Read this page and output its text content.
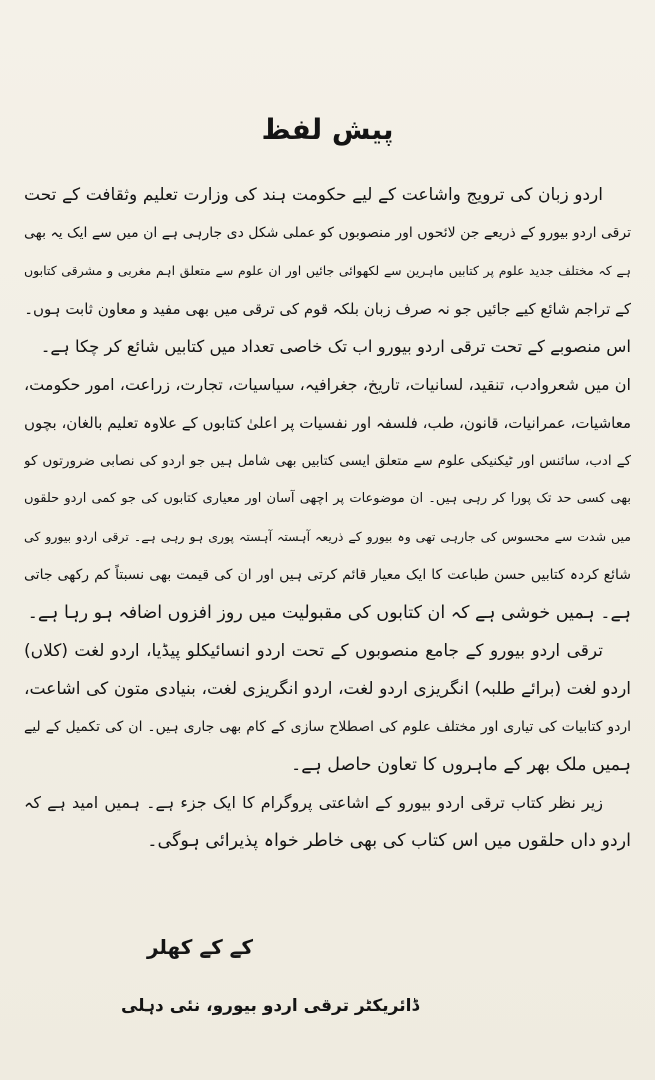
پیش لفظ
اردو زبان کی ترویج واشاعت کے لیے حکومت ہند کی وزارت تعلیم وثقافت کے تحت
ترقی اردو بیورو کے ذریعے جن لائحوں اور منصوبوں کو عملی شکل دی جارہی ہے ان میں سے ایک یہ بھی
ہے کہ مختلف جدید علوم پر کتابیں ماہرین سے لکھوائی جائیں اور ان علوم سے متعلق اہم مغربی و مشرقی کتابوں
کے تراجم شائع کیے جائیں جو نہ صرف زبان بلکہ قوم کی ترقی میں بھی مفید و معاون ثابت ہوں۔
اس منصوبے کے تحت ترقی اردو بیورو اب تک خاصی تعداد میں کتابیں شائع کر چکا ہے۔
ان میں شعروادب، تنقید، لسانیات، تاریخ، جغرافیہ، سیاسیات، تجارت، زراعت، امور حکومت،
معاشیات، عمرانیات، قانون، طب، فلسفہ اور نفسیات پر اعلیٰ کتابوں کے علاوہ تعلیم بالغان، بچوں
کے ادب، سائنس اور ٹیکنیکی علوم سے متعلق ایسی کتابیں بھی شامل ہیں جو اردو کی نصابی ضرورتوں کو
بھی کسی حد تک پورا کر رہی ہیں۔ ان موضوعات پر اچھی آسان اور معیاری کتابوں کی جو کمی اردو حلقوں
میں شدت سے محسوس کی جارہی تھی وہ بیورو کے ذریعہ آہستہ آہستہ پوری ہو رہی ہے۔ ترقی اردو بیورو کی
شائع کردہ کتابیں حسن طباعت کا ایک معیار قائم کرتی ہیں اور ان کی قیمت بھی نسبتاً کم رکھی جاتی
ہے۔ ہمیں خوشی ہے کہ ان کتابوں کی مقبولیت میں روز افزوں اضافہ ہو رہا ہے۔
ترقی اردو بیورو کے جامع منصوبوں کے تحت اردو انسائیکلو پیڈیا، اردو لغت (کلاں)
اردو لغت (برائے طلبہ) انگریزی اردو لغت، اردو انگریزی لغت، بنیادی متون کی اشاعت،
اردو کتابیات کی تیاری اور مختلف علوم کی اصطلاح سازی کے کام بھی جاری ہیں۔ ان کی تکمیل کے لیے
ہمیں ملک بھر کے ماہروں کا تعاون حاصل ہے۔
زیر نظر کتاب ترقی اردو بیورو کے اشاعتی پروگرام کا ایک جزء ہے۔ ہمیں امید ہے کہ
اردو داں حلقوں میں اس کتاب کی بھی خاطر خواہ پذیرائی ہوگی۔
کے کے کھلر
ڈائریکٹر ترقی اردو بیورو، نئی دہلی
